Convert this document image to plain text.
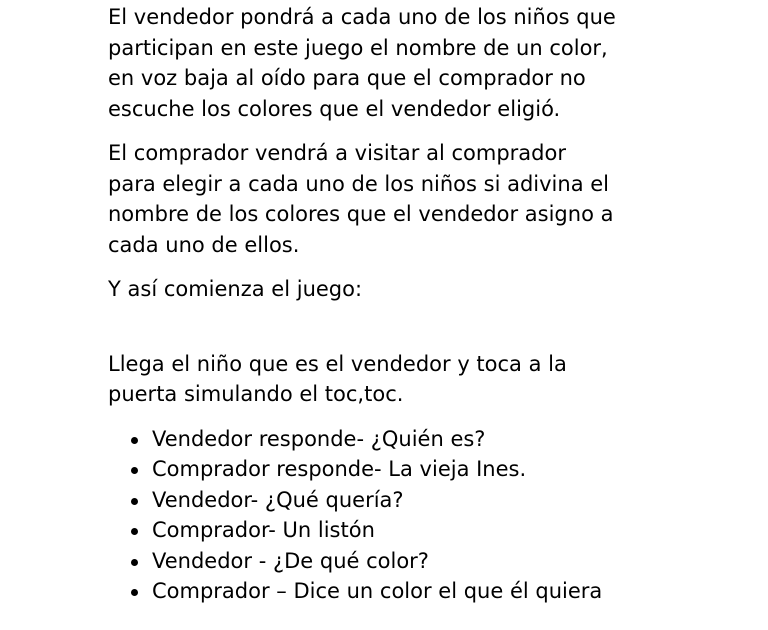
El vendedor pondrá a cada uno de los niños que
participan en este juego el nombre de un color,
en voz baja al oído para que el comprador no
escuche los colores que el vendedor eligió.

El comprador vendrá a visitar al comprador
para elegir a cada uno de los niños si adivina el
nombre de los colores que el vendedor asigno a
cada uno de ellos.

Y así comienza el juego:

Llega el niño que es el vendedor y toca a la
puerta simulando el toc,toc.

Vendedor responde- ¿Quién es?
Comprador responde- La vieja Ines.
Vendedor- ¿Qué quería?
Comprador- Un listón
Vendedor - ¿De qué color?
Comprador – Dice un color el que él quiera
